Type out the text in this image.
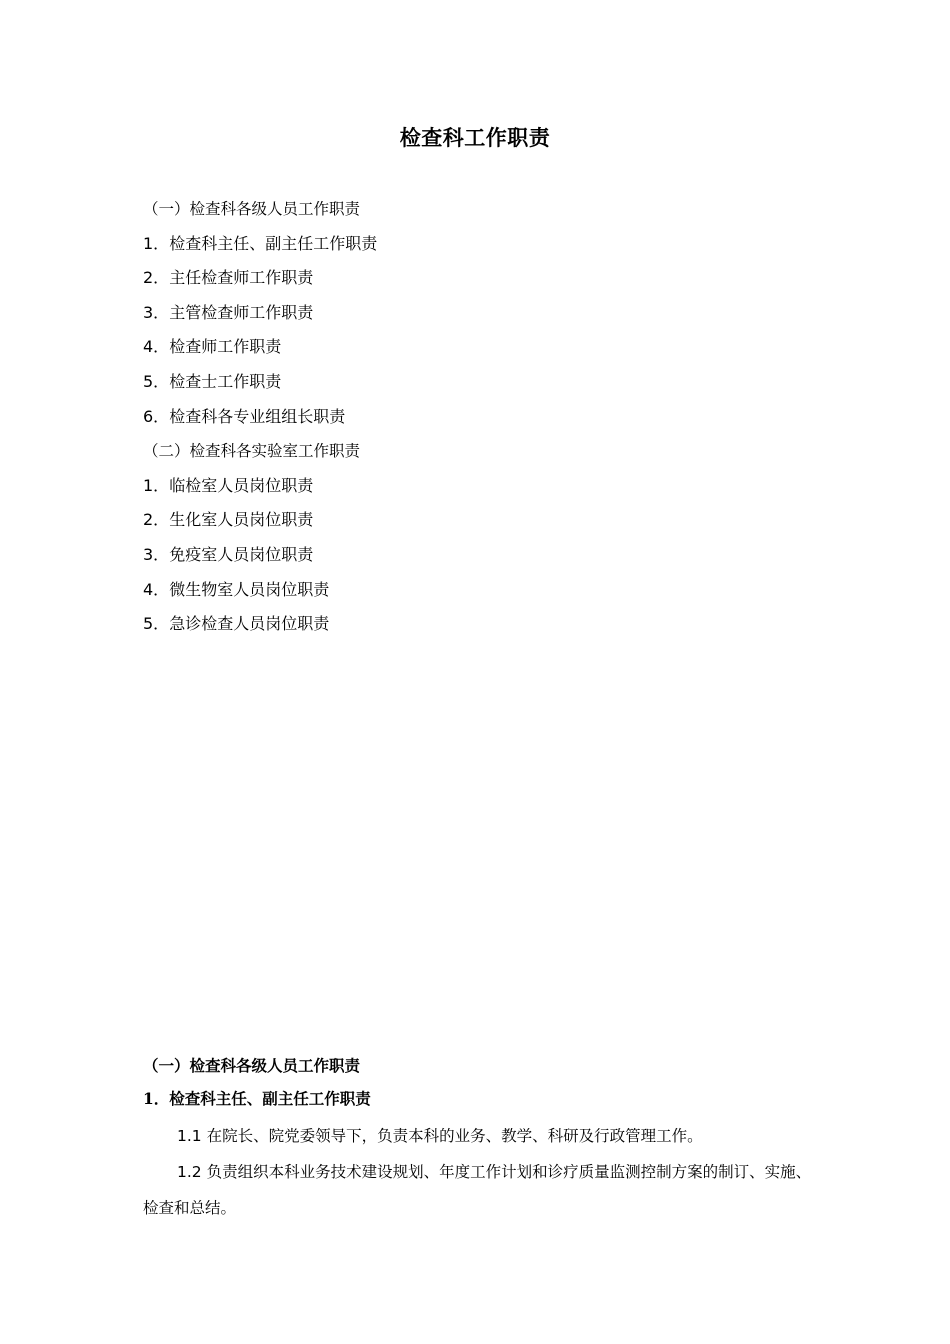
检查科工作职责
（一）检查科各级人员工作职责
1．检查科主任、副主任工作职责
2．主任检查师工作职责
3．主管检查师工作职责
4．检查师工作职责
5．检查士工作职责
6．检查科各专业组组长职责
（二）检查科各实验室工作职责
1．临检室人员岗位职责
2．生化室人员岗位职责
3．免疫室人员岗位职责
4．微生物室人员岗位职责
5．急诊检查人员岗位职责
（一）检查科各级人员工作职责
1．检查科主任、副主任工作职责

1.1 在院长、院党委领导下，负责本科的业务、教学、科研及行政管理工作。

1.2 负责组织本科业务技术建设规划、年度工作计划和诊疗质量监测控制方案的制订、实施、检查和总结。
